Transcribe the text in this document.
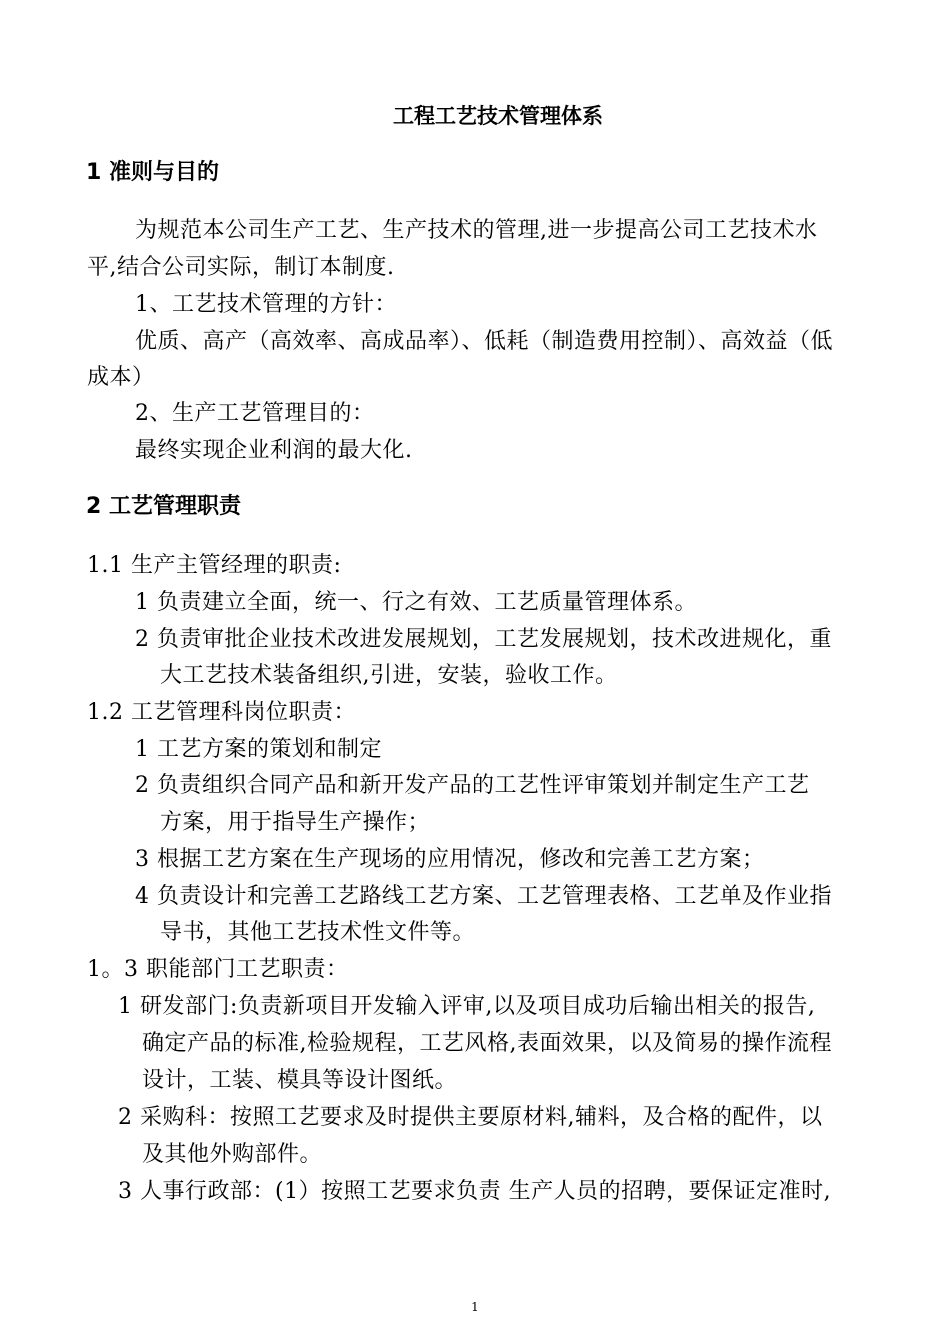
工程工艺技术管理体系
1 准则与目的
为规范本公司生产工艺、生产技术的管理,进一步提高公司工艺技术水
平,结合公司实际，制订本制度.
1、工艺技术管理的方针：
优质、高产（高效率、高成品率）、低耗（制造费用控制）、高效益（低
成本）
2、生产工艺管理目的：
最终实现企业利润的最大化.
2 工艺管理职责
1.1 生产主管经理的职责:
1 负责建立全面，统一、行之有效、工艺质量管理体系。
2 负责审批企业技术改进发展规划，工艺发展规划，技术改进规化，重
大工艺技术装备组织,引进，安装，验收工作。
1.2 工艺管理科岗位职责：
1 工艺方案的策划和制定
2 负责组织合同产品和新开发产品的工艺性评审策划并制定生产工艺
方案，用于指导生产操作；
3 根据工艺方案在生产现场的应用情况，修改和完善工艺方案；
4 负责设计和完善工艺路线工艺方案、工艺管理表格、工艺单及作业指
导书，其他工艺技术性文件等。
1。3 职能部门工艺职责：
1 研发部门:负责新项目开发输入评审,以及项目成功后输出相关的报告,
确定产品的标准,检验规程，工艺风格,表面效果，以及简易的操作流程
设计，工装、模具等设计图纸。
2 采购科：按照工艺要求及时提供主要原材料,辅料，及合格的配件，以
及其他外购部件。
3 人事行政部：(1）按照工艺要求负责 生产人员的招聘，要保证定准时,
1
